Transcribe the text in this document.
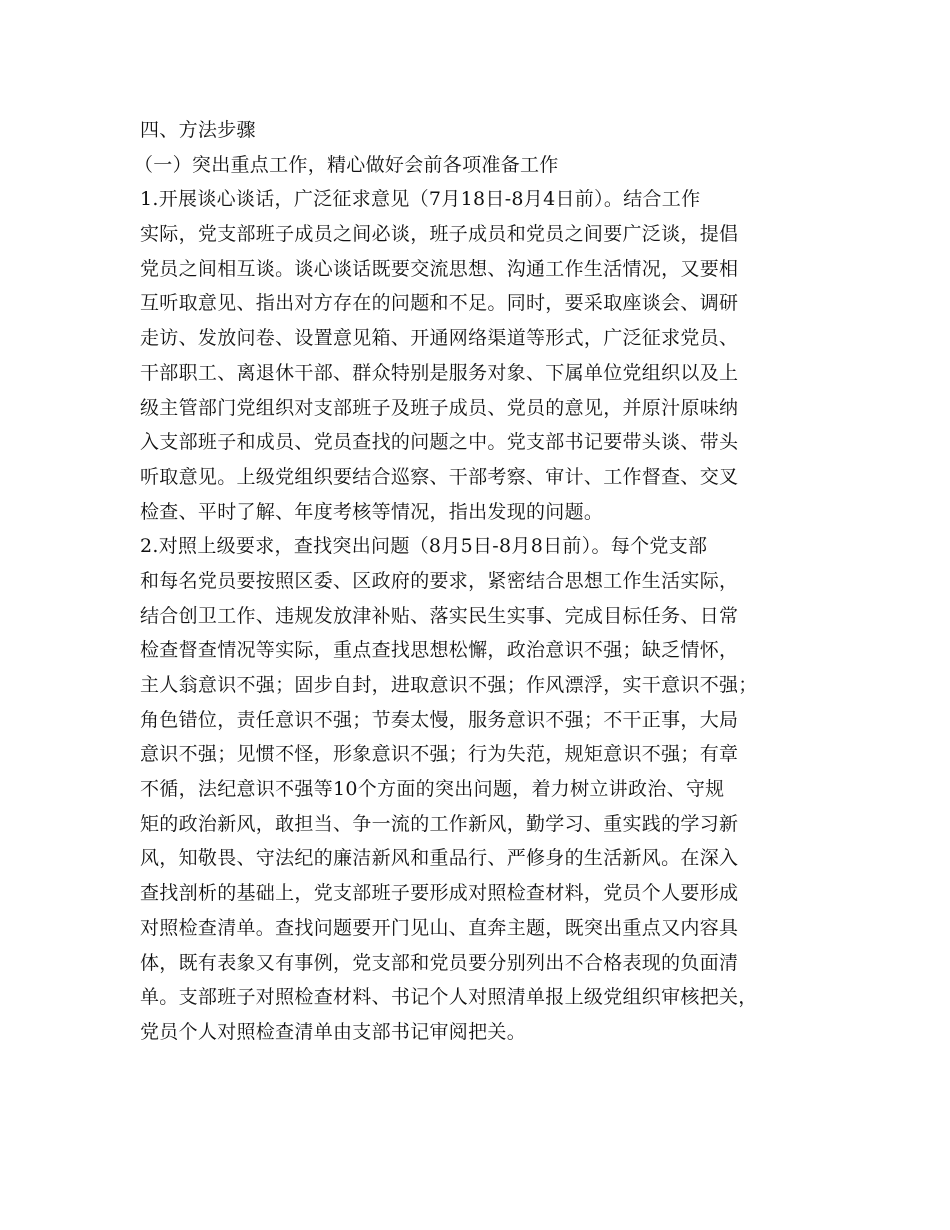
四、方法步骤
（一）突出重点工作，精心做好会前各项准备工作
1.开展谈心谈话，广泛征求意见（7月18日-8月4日前）。结合工作
实际，党支部班子成员之间必谈，班子成员和党员之间要广泛谈，提倡
党员之间相互谈。谈心谈话既要交流思想、沟通工作生活情况，又要相
互听取意见、指出对方存在的问题和不足。同时，要采取座谈会、调研
走访、发放问卷、设置意见箱、开通网络渠道等形式，广泛征求党员、
干部职工、离退休干部、群众特别是服务对象、下属单位党组织以及上
级主管部门党组织对支部班子及班子成员、党员的意见，并原汁原味纳
入支部班子和成员、党员查找的问题之中。党支部书记要带头谈、带头
听取意见。上级党组织要结合巡察、干部考察、审计、工作督查、交叉
检查、平时了解、年度考核等情况，指出发现的问题。
2.对照上级要求，查找突出问题（8月5日-8月8日前）。每个党支部
和每名党员要按照区委、区政府的要求，紧密结合思想工作生活实际，
结合创卫工作、违规发放津补贴、落实民生实事、完成目标任务、日常
检查督查情况等实际，重点查找思想松懈，政治意识不强；缺乏情怀，
主人翁意识不强；固步自封，进取意识不强；作风漂浮，实干意识不强；
角色错位，责任意识不强；节奏太慢，服务意识不强；不干正事，大局
意识不强；见惯不怪，形象意识不强；行为失范，规矩意识不强；有章
不循，法纪意识不强等10个方面的突出问题，着力树立讲政治、守规
矩的政治新风，敢担当、争一流的工作新风，勤学习、重实践的学习新
风，知敬畏、守法纪的廉洁新风和重品行、严修身的生活新风。在深入
查找剖析的基础上，党支部班子要形成对照检查材料，党员个人要形成
对照检查清单。查找问题要开门见山、直奔主题，既突出重点又内容具
体，既有表象又有事例，党支部和党员要分别列出不合格表现的负面清
单。支部班子对照检查材料、书记个人对照清单报上级党组织审核把关，
党员个人对照检查清单由支部书记审阅把关。
